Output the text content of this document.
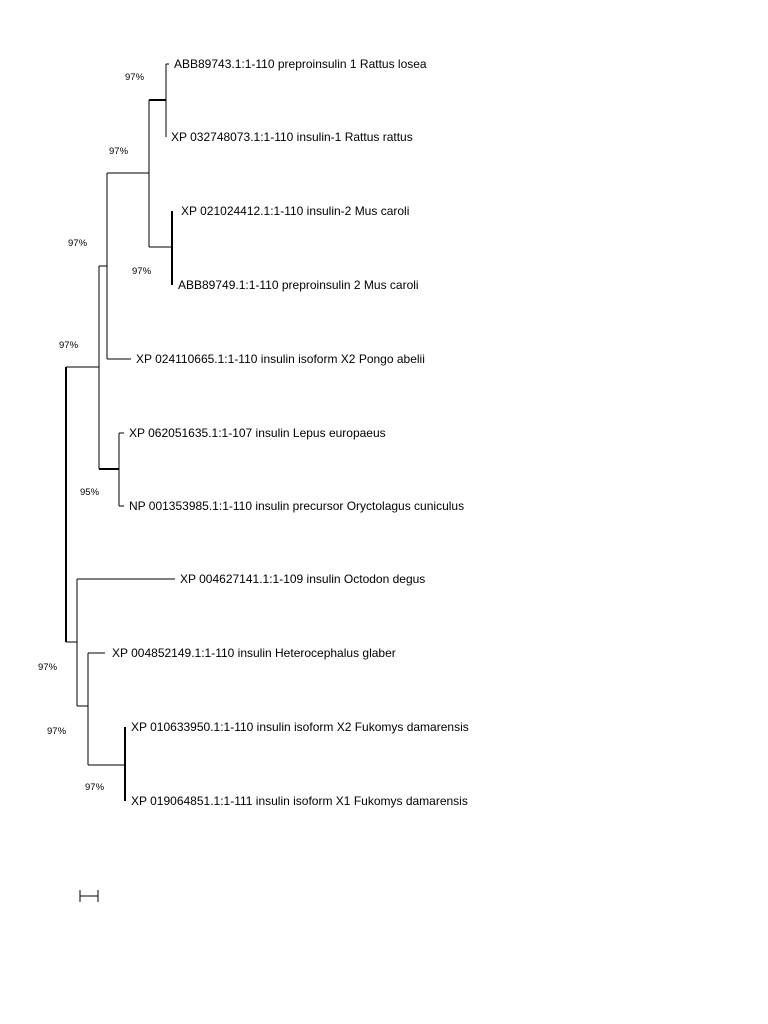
ABB89743.1:1-110 preproinsulin 1 Rattus losea
XP 032748073.1:1-110 insulin-1 Rattus rattus
XP 021024412.1:1-110 insulin-2 Mus caroli
ABB89749.1:1-110 preproinsulin 2 Mus caroli
XP 024110665.1:1-110 insulin isoform X2 Pongo abelii
XP 062051635.1:1-107 insulin Lepus europaeus
NP 001353985.1:1-110 insulin precursor Oryctolagus cuniculus
XP 004627141.1:1-109 insulin Octodon degus
XP 004852149.1:1-110 insulin Heterocephalus glaber
XP 010633950.1:1-110 insulin isoform X2 Fukomys damarensis
XP 019064851.1:1-111 insulin isoform X1 Fukomys damarensis
97%
97%
97%
97%
97%
95%
97%
97%
97%
